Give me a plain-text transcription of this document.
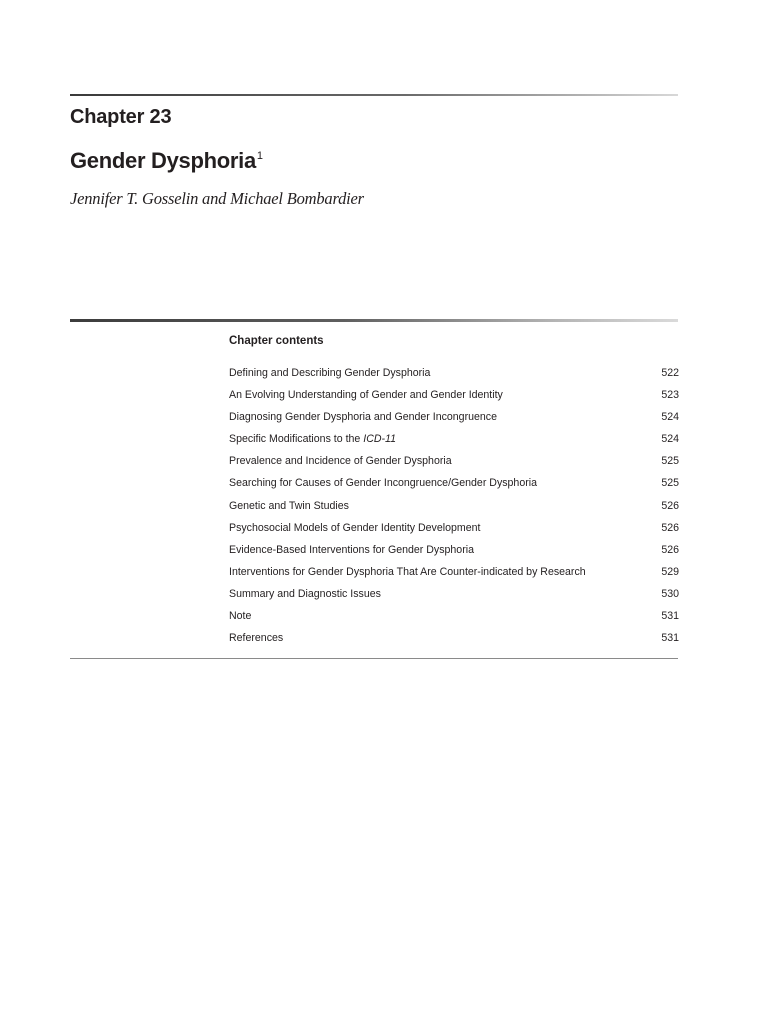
Chapter 23
Gender Dysphoria$^1$
Jennifer T. Gosselin and Michael Bombardier
Chapter contents
Defining and Describing Gender Dysphoria	522
An Evolving Understanding of Gender and Gender Identity	523
Diagnosing Gender Dysphoria and Gender Incongruence	524
Specific Modifications to the ICD-11	524
Prevalence and Incidence of Gender Dysphoria	525
Searching for Causes of Gender Incongruence/Gender Dysphoria	525
Genetic and Twin Studies	526
Psychosocial Models of Gender Identity Development	526
Evidence-Based Interventions for Gender Dysphoria	526
Interventions for Gender Dysphoria That Are Counter-indicated by Research	529
Summary and Diagnostic Issues	530
Note	531
References	531
